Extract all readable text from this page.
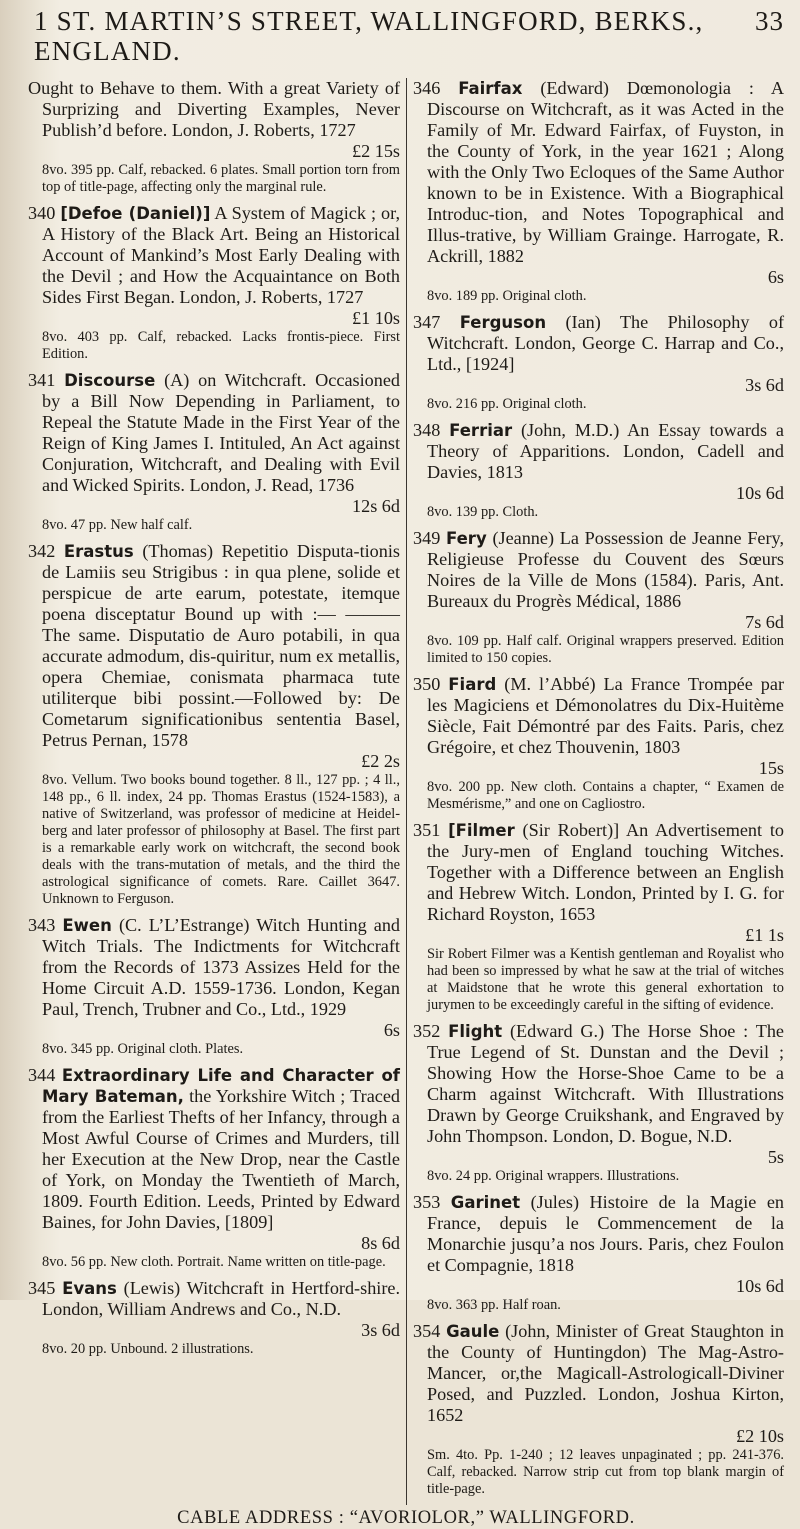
1 ST. MARTIN’S STREET, WALLINGFORD, BERKS., ENGLAND.
33
Ought to Behave to them. With a great Variety of Surprizing and Diverting Examples, Never Publish’d before. London, J. Roberts, 1727
£2 15s
8vo. 395 pp. Calf, rebacked. 6 plates. Small portion torn from top of title-page, affecting only the marginal rule.
340 [Defoe (Daniel)] A System of Magick ; or, A History of the Black Art. Being an Historical Account of Mankind’s Most Early Dealing with the Devil ; and How the Acquaintance on Both Sides First Began. London, J. Roberts, 1727
£1 10s
8vo. 403 pp. Calf, rebacked. Lacks frontis-piece. First Edition.
341 Discourse (A) on Witchcraft. Occasioned by a Bill Now Depending in Parliament, to Repeal the Statute Made in the First Year of the Reign of King James I. Intituled, An Act against Conjuration, Witchcraft, and Dealing with Evil and Wicked Spirits. London, J. Read, 1736
12s 6d
8vo. 47 pp. New half calf.
342 Erastus (Thomas) Repetitio Disputa-tionis de Lamiis seu Strigibus : in qua plene, solide et perspicue de arte earum, potestate, itemque poena disceptatur Bound up with :— ——— The same. Disputatio de Auro potabili, in qua accurate admodum, dis-quiritur, num ex metallis, opera Chemiae, conismata pharmaca tute utiliterque bibi possint.—Followed by: De Cometarum significationibus sententia Basel, Petrus Pernan, 1578
£2 2s
8vo. Vellum. Two books bound together. 8 ll., 127 pp. ; 4 ll., 148 pp., 6 ll. index, 24 pp. Thomas Erastus (1524-1583), a native of Switzerland, was professor of medicine at Heidel-berg and later professor of philosophy at Basel. The first part is a remarkable early work on witchcraft, the second book deals with the trans-mutation of metals, and the third the astrological significance of comets. Rare. Caillet 3647. Unknown to Ferguson.
343 Ewen (C. L’L’Estrange) Witch Hunting and Witch Trials. The Indictments for Witchcraft from the Records of 1373 Assizes Held for the Home Circuit A.D. 1559-1736. London, Kegan Paul, Trench, Trubner and Co., Ltd., 1929
6s
8vo. 345 pp. Original cloth. Plates.
344 Extraordinary Life and Character of Mary Bateman, the Yorkshire Witch ; Traced from the Earliest Thefts of her Infancy, through a Most Awful Course of Crimes and Murders, till her Execution at the New Drop, near the Castle of York, on Monday the Twentieth of March, 1809. Fourth Edition. Leeds, Printed by Edward Baines, for John Davies, [1809]
8s 6d
8vo. 56 pp. New cloth. Portrait. Name written on title-page.
345 Evans (Lewis) Witchcraft in Hertford-shire. London, William Andrews and Co., N.D.
3s 6d
8vo. 20 pp. Unbound. 2 illustrations.
346 Fairfax (Edward) Dœmonologia : A Discourse on Witchcraft, as it was Acted in the Family of Mr. Edward Fairfax, of Fuyston, in the County of York, in the year 1621 ; Along with the Only Two Ecloques of the Same Author known to be in Existence. With a Biographical Introduc-tion, and Notes Topographical and Illus-trative, by William Grainge. Harrogate, R. Ackrill, 1882
6s
8vo. 189 pp. Original cloth.
347 Ferguson (Ian) The Philosophy of Witchcraft. London, George C. Harrap and Co., Ltd., [1924]
3s 6d
8vo. 216 pp. Original cloth.
348 Ferriar (John, M.D.) An Essay towards a Theory of Apparitions. London, Cadell and Davies, 1813
10s 6d
8vo. 139 pp. Cloth.
349 Fery (Jeanne) La Possession de Jeanne Fery, Religieuse Professe du Couvent des Sœurs Noires de la Ville de Mons (1584). Paris, Ant. Bureaux du Progrès Médical, 1886
7s 6d
8vo. 109 pp. Half calf. Original wrappers preserved. Edition limited to 150 copies.
350 Fiard (M. l’Abbé) La France Trompée par les Magiciens et Démonolatres du Dix-Huitème Siècle, Fait Démontré par des Faits. Paris, chez Grégoire, et chez Thouvenin, 1803
15s
8vo. 200 pp. New cloth. Contains a chapter, “ Examen de Mesmérisme,” and one on Cagliostro.
351 [Filmer (Sir Robert)] An Advertisement to the Jury-men of England touching Witches. Together with a Difference between an English and Hebrew Witch. London, Printed by I. G. for Richard Royston, 1653
£1 1s
Sir Robert Filmer was a Kentish gentleman and Royalist who had been so impressed by what he saw at the trial of witches at Maidstone that he wrote this general exhortation to jurymen to be exceedingly careful in the sifting of evidence.
352 Flight (Edward G.) The Horse Shoe : The True Legend of St. Dunstan and the Devil ; Showing How the Horse-Shoe Came to be a Charm against Witchcraft. With Illustrations Drawn by George Cruikshank, and Engraved by John Thompson. London, D. Bogue, N.D.
5s
8vo. 24 pp. Original wrappers. Illustrations.
353 Garinet (Jules) Histoire de la Magie en France, depuis le Commencement de la Monarchie jusqu’a nos Jours. Paris, chez Foulon et Compagnie, 1818
10s 6d
8vo. 363 pp. Half roan.
354 Gaule (John, Minister of Great Staughton in the County of Huntingdon) The Mag-Astro-Mancer, or,the Magicall-Astrologicall-Diviner Posed, and Puzzled. London, Joshua Kirton, 1652
£2 10s
Sm. 4to. Pp. 1-240 ; 12 leaves unpaginated ; pp. 241-376. Calf, rebacked. Narrow strip cut from top blank margin of title-page.
CABLE ADDRESS : “AVORIOLOR,” WALLINGFORD.
